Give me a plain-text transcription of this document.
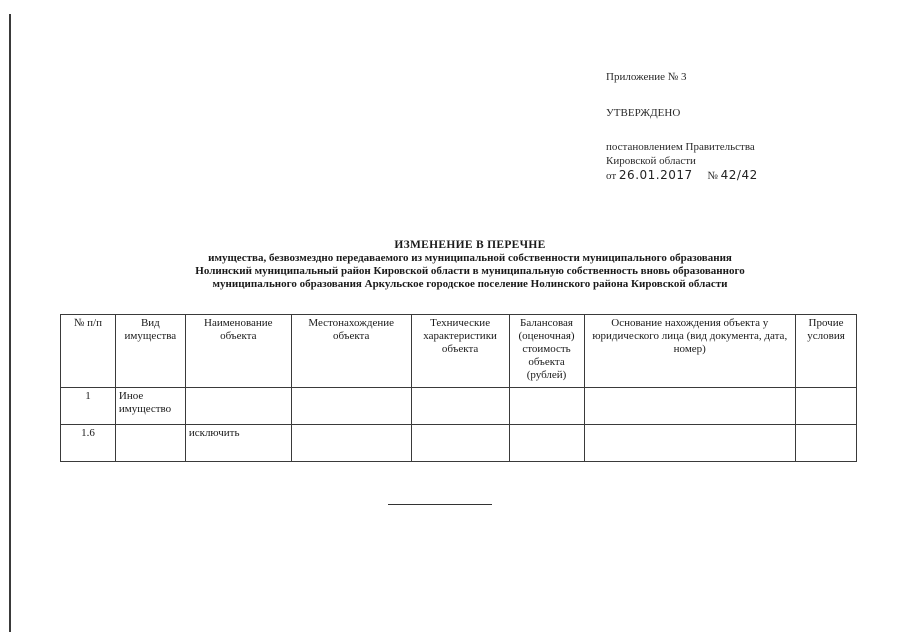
Приложение № 3
УТВЕРЖДЕНО
постановлением Правительства
Кировской области
от 26.01.2017 № 42/42
ИЗМЕНЕНИЕ В ПЕРЕЧНЕ
имущества, безвозмездно передаваемого из муниципальной собственности муниципального образования
Нолинский муниципальный район Кировской области в муниципальную собственность вновь образованного
муниципального образования Аркульское городское поселение Нолинского района Кировской области
№ п/п	Вид имущества	Наименование объекта	Местонахождение объекта	Технические характеристики объекта	Балансовая (оценочная) стоимость объекта (рублей)	Основание нахождения объекта у юридического лица (вид документа, дата, номер)	Прочие условия
1	Иное имущество						
1.6		исключить					
